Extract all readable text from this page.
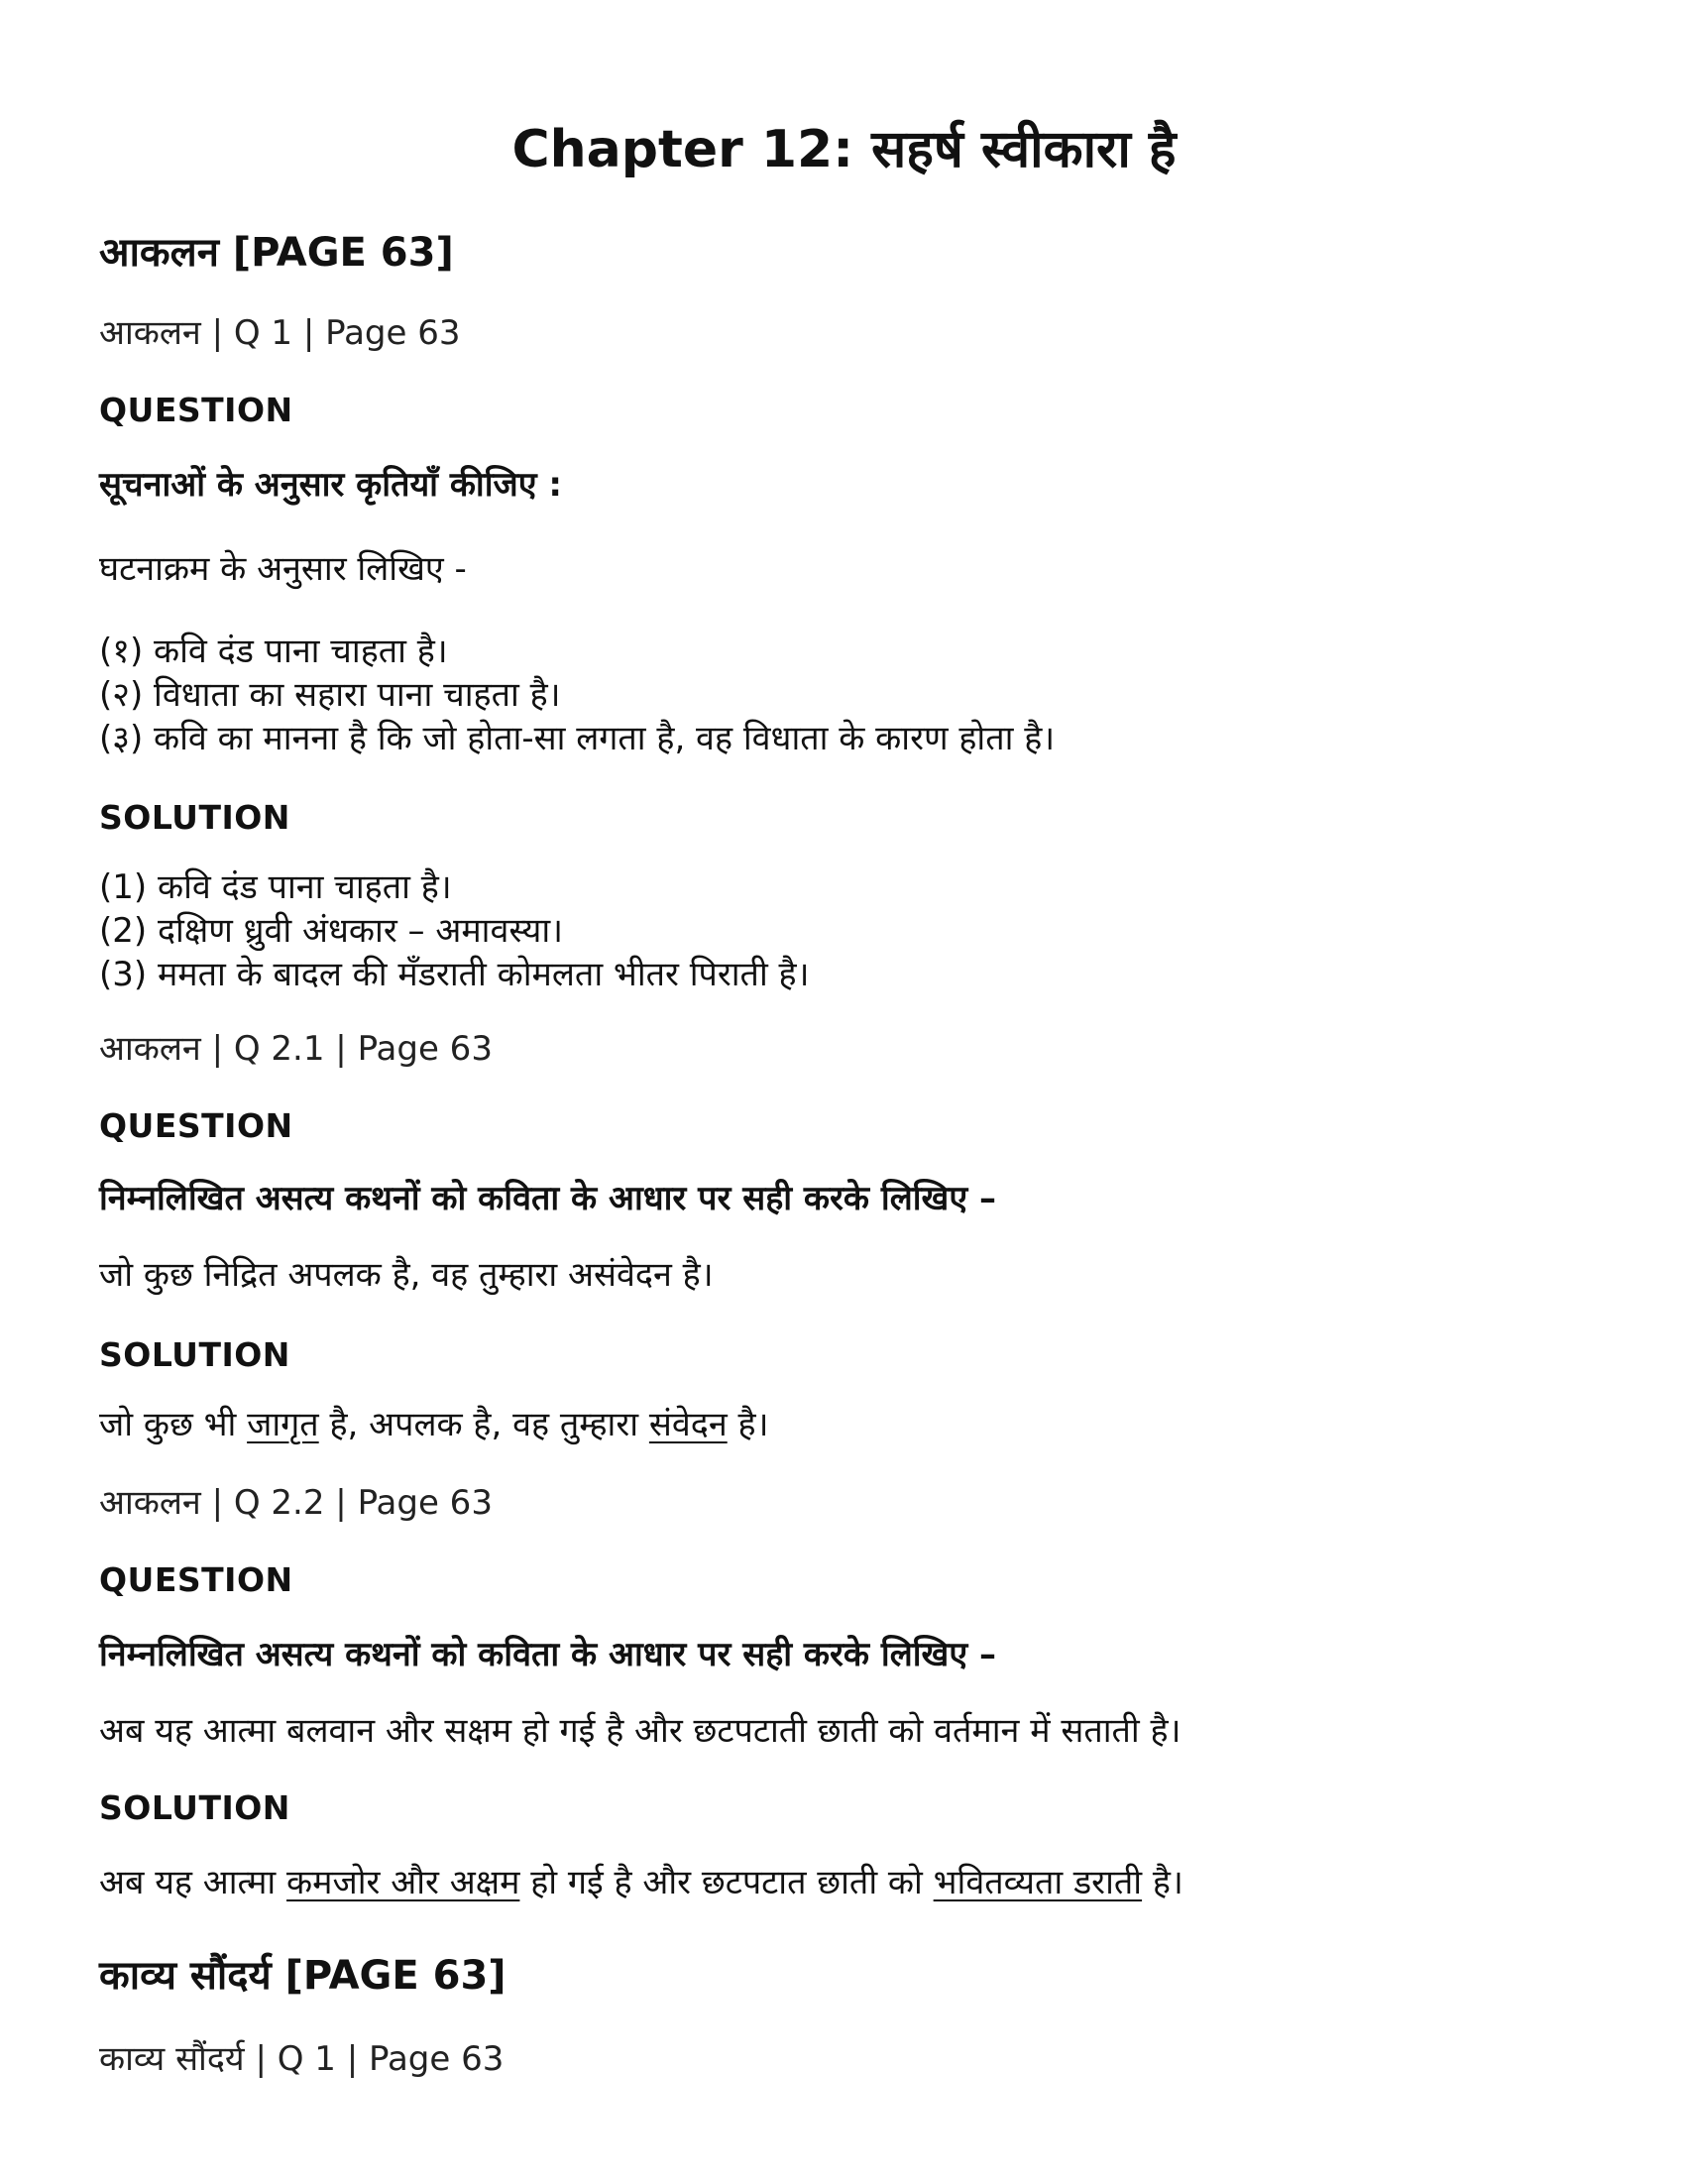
Chapter 12: सहर्ष स्वीकारा है
आकलन [PAGE 63]
आकलन | Q 1 | Page 63
QUESTION
सूचनाओं के अनुसार कृतियाँ कीजिए :
घटनाक्रम के अनुसार लिखिए -
(१) कवि दंड पाना चाहता है।
(२) विधाता का सहारा पाना चाहता है।
(३) कवि का मानना है कि जो होता-सा लगता है, वह विधाता के कारण होता है।
SOLUTION
(1) कवि दंड पाना चाहता है।
(2) दक्षिण ध्रुवी अंधकार – अमावस्या।
(3) ममता के बादल की मँडराती कोमलता भीतर पिराती है।
आकलन | Q 2.1 | Page 63
QUESTION
निम्नलिखित असत्य कथनों को कविता के आधार पर सही करके लिखिए –
जो कुछ निद्रित अपलक है, वह तुम्हारा असंवेदन है।
SOLUTION
जो कुछ भी जागृत है, अपलक है, वह तुम्हारा संवेदन है।
आकलन | Q 2.2 | Page 63
QUESTION
निम्नलिखित असत्य कथनों को कविता के आधार पर सही करके लिखिए –
अब यह आत्मा बलवान और सक्षम हो गई है और छटपटाती छाती को वर्तमान में सताती है।
SOLUTION
अब यह आत्मा कमजोर और अक्षम हो गई है और छटपटात छाती को भवितव्यता डराती है।
काव्य सौंदर्य [PAGE 63]
काव्य सौंदर्य | Q 1 | Page 63
